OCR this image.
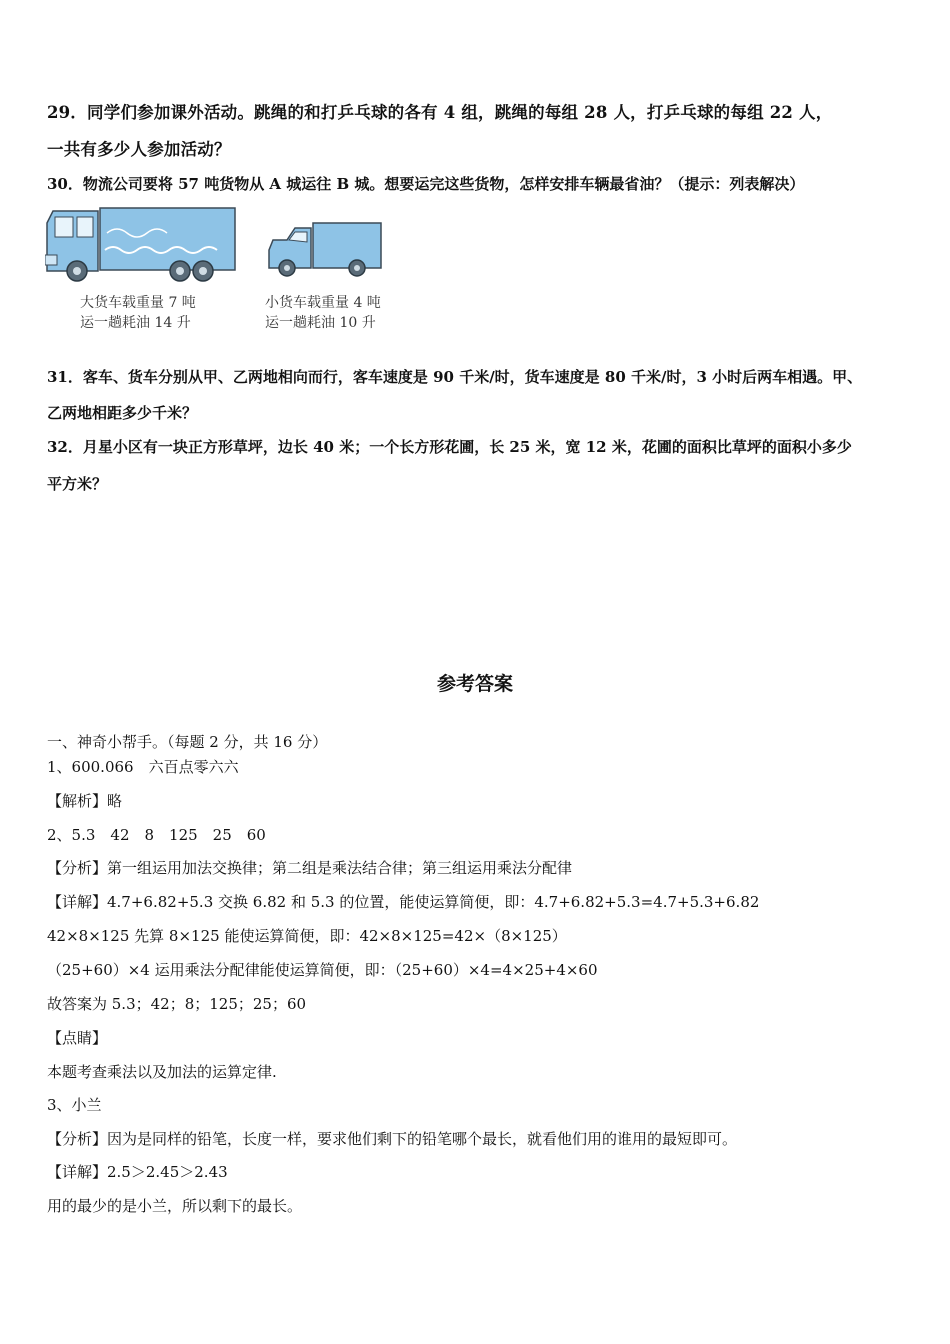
29．同学们参加课外活动。跳绳的和打乒乓球的各有 4 组，跳绳的每组 28 人，打乒乓球的每组 22 人，
一共有多少人参加活动？
30．物流公司要将 57 吨货物从 A 城运往 B 城。想要运完这些货物，怎样安排车辆最省油？（提示：列表解决）
大货车载重量 7 吨
运一趟耗油 14 升
小货车载重量 4 吨
运一趟耗油 10 升
31．客车、货车分别从甲、乙两地相向而行，客车速度是 90 千米/时，货车速度是 80 千米/时，3 小时后两车相遇。甲、
乙两地相距多少千米？
32．月星小区有一块正方形草坪，边长 40 米；一个长方形花圃，长 25 米，宽 12 米，花圃的面积比草坪的面积小多少
平方米？
参考答案
一、神奇小帮手。（每题 2 分，共 16 分）
1、600.066　六百点零六六
【解析】略
2、5.3　42　8　125　25　60
【分析】第一组运用加法交换律；第二组是乘法结合律；第三组运用乘法分配律
【详解】4.7+6.82+5.3 交换 6.82 和 5.3 的位置，能使运算简便，即：4.7+6.82+5.3=4.7+5.3+6.82
42×8×125 先算 8×125 能使运算简便，即：42×8×125=42×（8×125）
（25+60）×4 运用乘法分配律能使运算简便，即：（25+60）×4=4×25+4×60
故答案为 5.3；42；8；125；25；60
【点睛】
本题考查乘法以及加法的运算定律.
3、小兰
【分析】因为是同样的铅笔，长度一样，要求他们剩下的铅笔哪个最长，就看他们用的谁用的最短即可。
【详解】2.5＞2.45＞2.43
用的最少的是小兰，所以剩下的最长。
